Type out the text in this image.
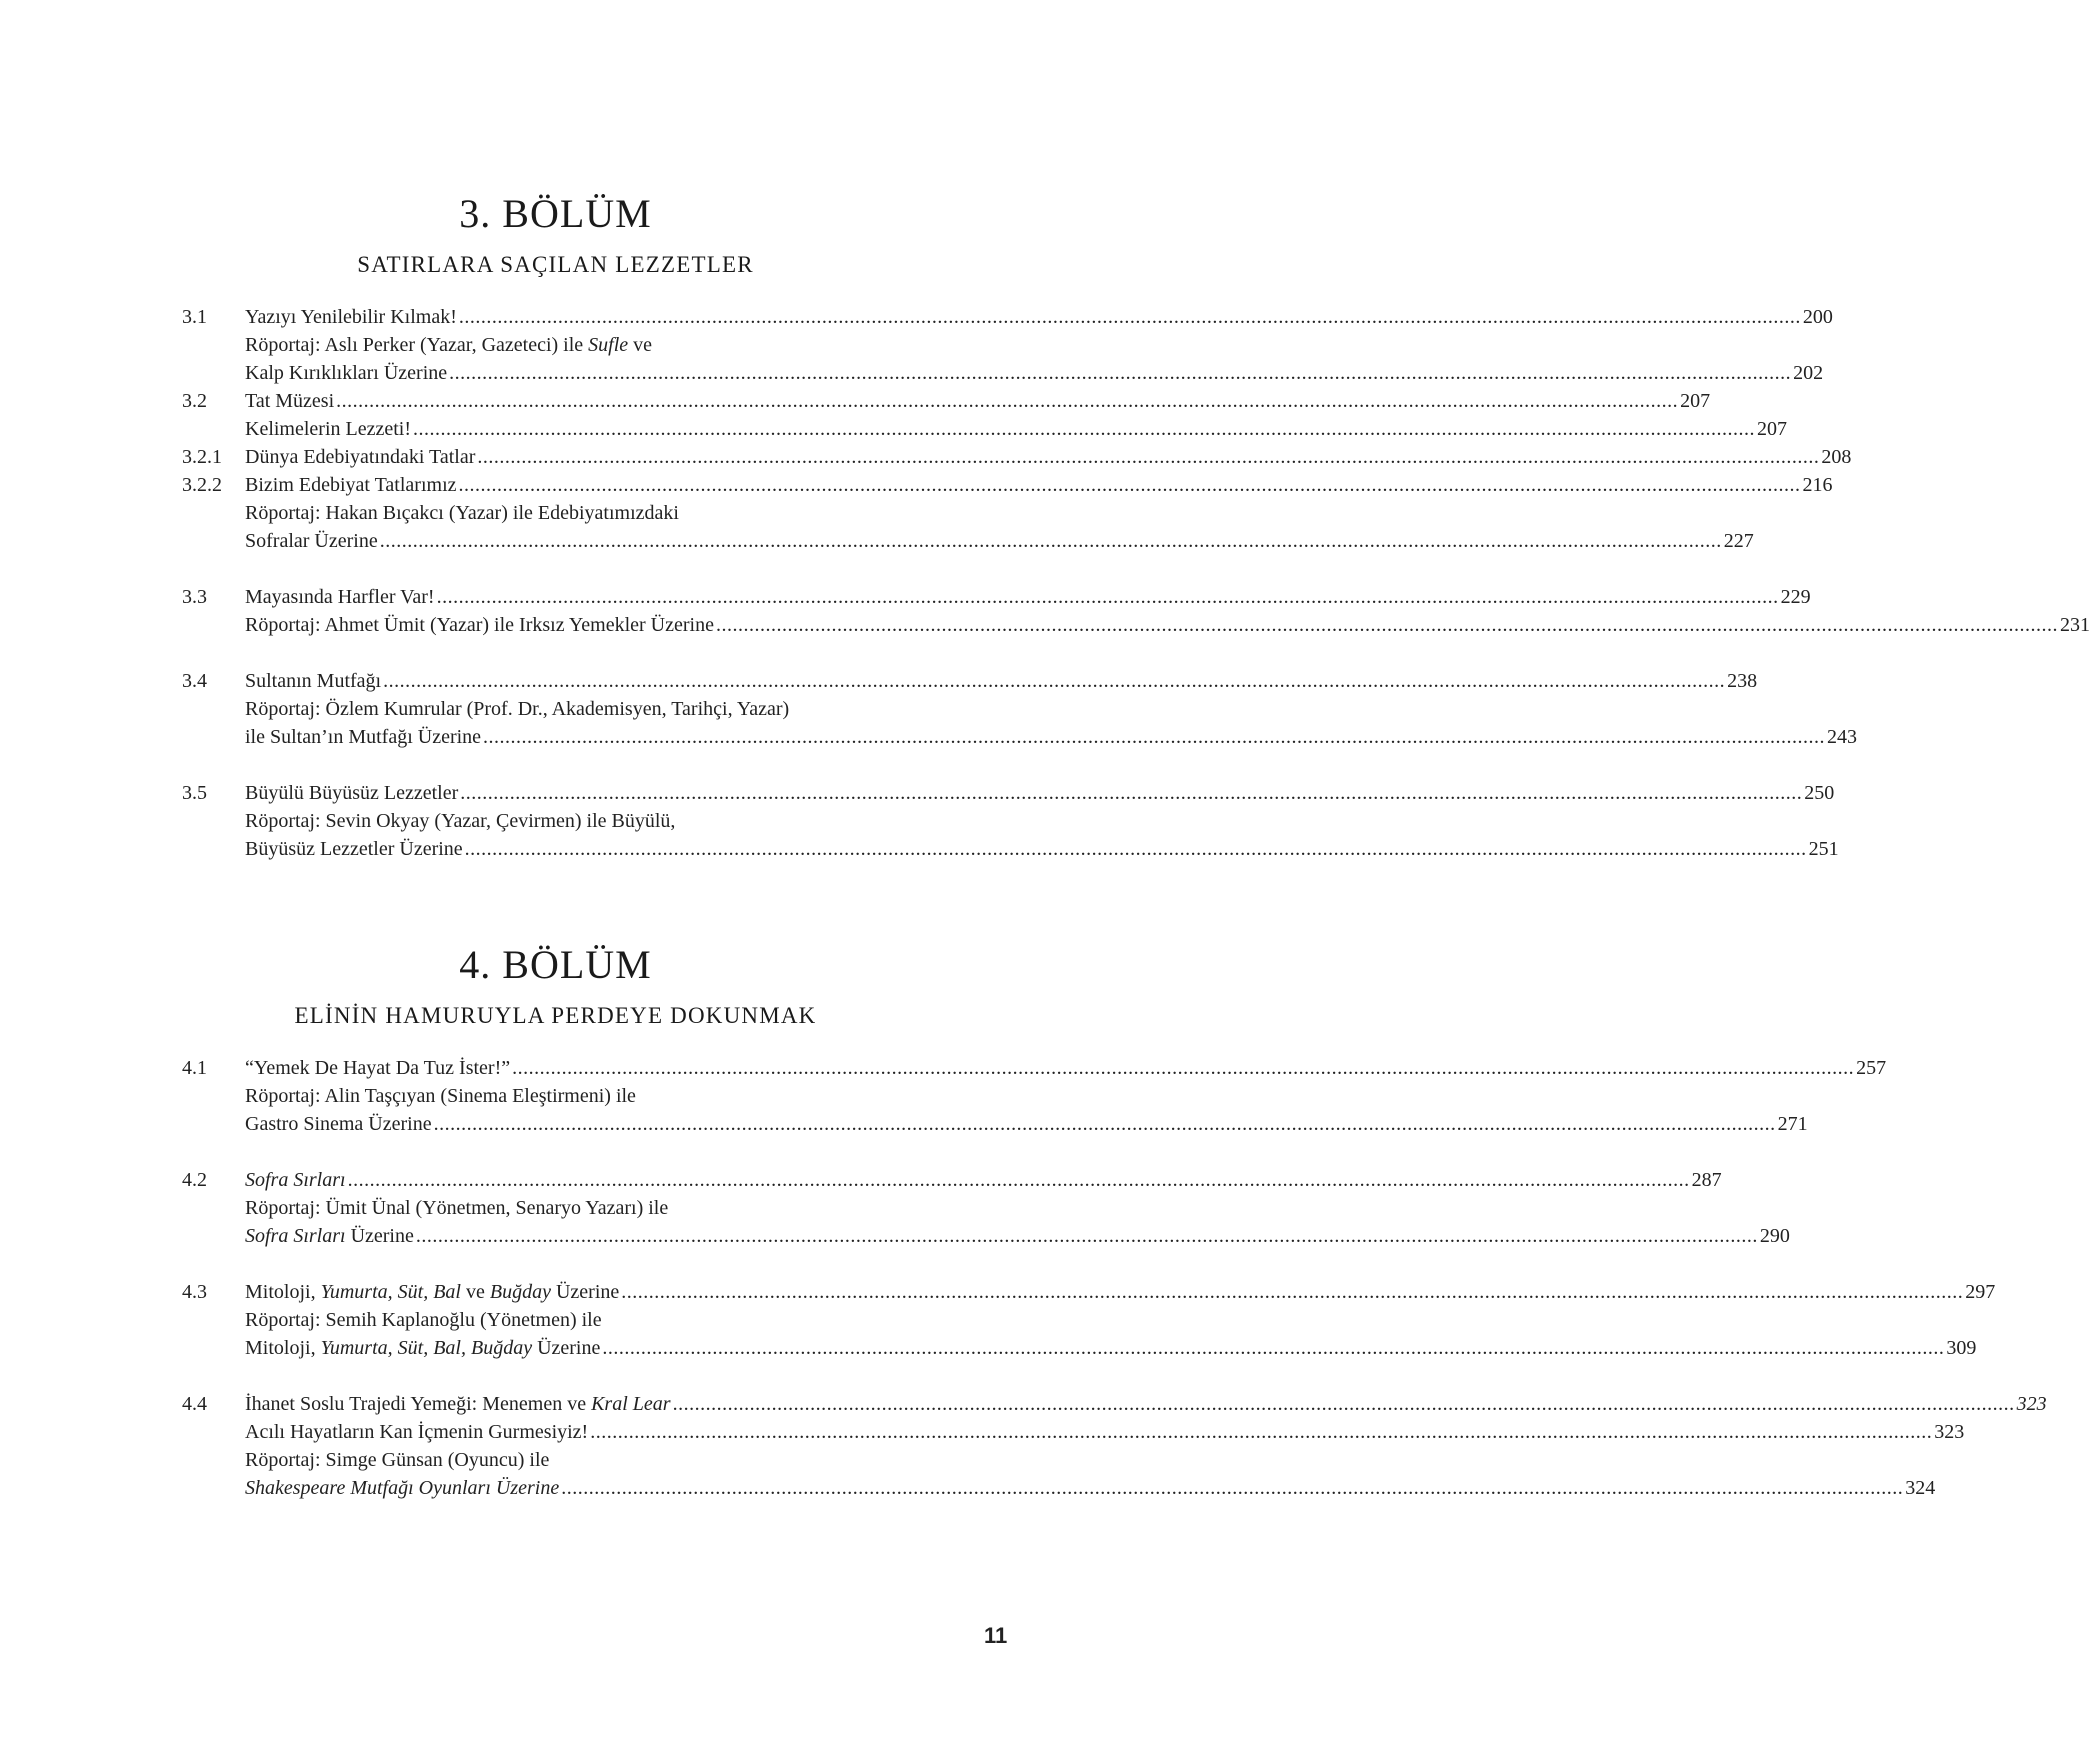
3. BÖLÜM
SATIRLARA SAÇILAN LEZZETLER
3.1 Yazıyı Yenilebilir Kılmak! .....	200
Röportaj: Aslı Perker (Yazar, Gazeteci) ile Sufle ve
Kalp Kırıklıkları Üzerine .....	202
3.2 Tat Müzesi .....	207
Kelimelerin Lezzeti! .....	207
3.2.1 Dünya Edebiyatındaki Tatlar .....	208
3.2.2 Bizim Edebiyat Tatlarımız .....	216
Röportaj: Hakan Bıçakcı (Yazar) ile Edebiyatımızdaki
Sofralar Üzerine .....	227
3.3 Mayasında Harfler Var! .....	229
Röportaj: Ahmet Ümit (Yazar) ile Irksız Yemekler Üzerine .....	231
3.4 Sultanın Mutfağı .....	238
Röportaj: Özlem Kumrular (Prof. Dr., Akademisyen, Tarihçi, Yazar)
ile Sultan’ın Mutfağı Üzerine .....	243
3.5 Büyülü Büyüsüz Lezzetler .....	250
Röportaj: Sevin Okyay (Yazar, Çevirmen) ile Büyülü,
Büyüsüz Lezzetler Üzerine .....	251
4. BÖLÜM
ELİNİN HAMURUYLA PERDEYE DOKUNMAK
4.1 “Yemek De Hayat Da Tuz İster!” .....	257
Röportaj: Alin Taşçıyan (Sinema Eleştirmeni) ile
Gastro Sinema Üzerine .....	271
4.2 Sofra Sırları .....	287
Röportaj: Ümit Ünal (Yönetmen, Senaryo Yazarı) ile
Sofra Sırları Üzerine .....	290
4.3 Mitoloji, Yumurta, Süt, Bal ve Buğday Üzerine .....	297
Röportaj: Semih Kaplanoğlu (Yönetmen) ile
Mitoloji, Yumurta, Süt, Bal, Buğday Üzerine .....	309
4.4 İhanet Soslu Trajedi Yemeği: Menemen ve Kral Lear .....	323
Acılı Hayatların Kan İçmenin Gurmesiyiz! .....	323
Röportaj: Simge Günsan (Oyuncu) ile
Shakespeare Mutfağı Oyunları Üzerine .....	324
11
